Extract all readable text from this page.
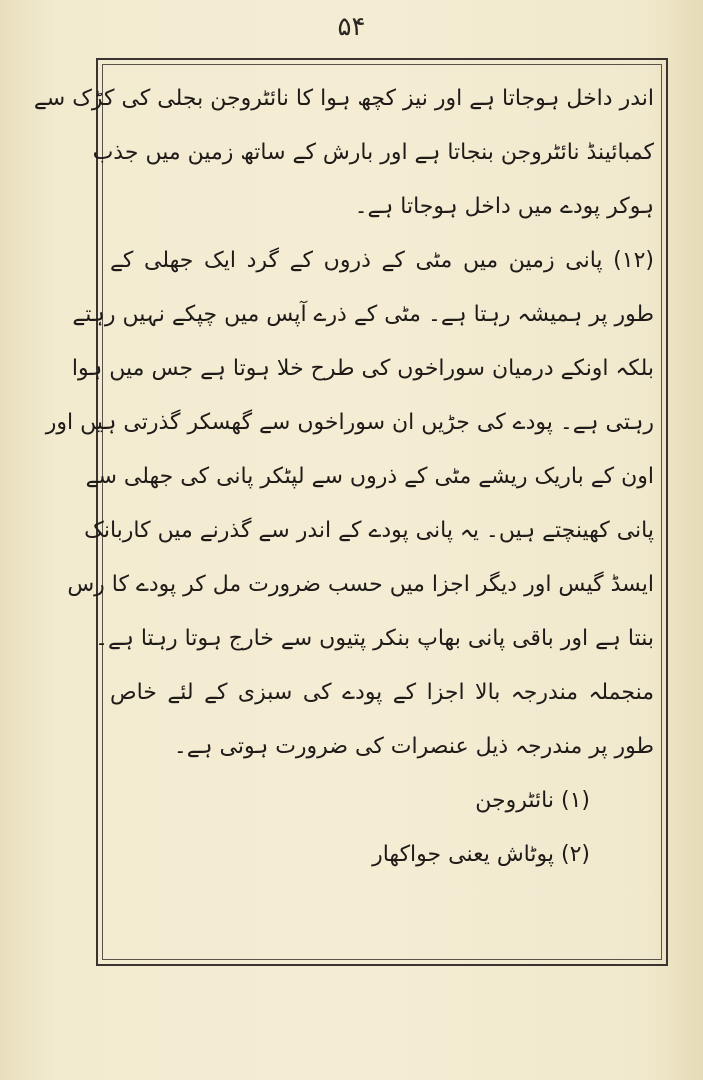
۵۴
اندر داخل ہوجاتا ہے اور نیز کچھ ہوا کا نائٹروجن بجلی کی کڑک سے
کمبائینڈ نائٹروجن بنجاتا ہے اور بارش کے ساتھ زمین میں جذب
ہوکر پودے میں داخل ہوجاتا ہے۔
(۱۲) پانی زمین میں مٹی کے ذروں کے گرد ایک جھلی کے
طور پر ہمیشہ رہتا ہے۔ مٹی کے ذرے آپس میں چپکے نہیں رہتے
بلکہ اونکے درمیان سوراخوں کی طرح خلا ہوتا ہے جس میں ہوا
رہتی ہے۔ پودے کی جڑیں ان سوراخوں سے گھسکر گذرتی ہیں اور
اون کے باریک ریشے مٹی کے ذروں سے لپٹکر پانی کی جھلی سے
پانی کھینچتے ہیں۔ یہ پانی پودے کے اندر سے گذرنے میں کاربانک
ایسڈ گیس اور دیگر اجزا میں حسب ضرورت مل کر پودے کا رس
بنتا ہے اور باقی پانی بھاپ بنکر پتیوں سے خارج ہوتا رہتا ہے۔
منجملہ مندرجہ بالا اجزا کے پودے کی سبزی کے لئے خاص
طور پر مندرجہ ذیل عنصرات کی ضرورت ہوتی ہے۔
(۱) نائٹروجن
(۲) پوٹاش یعنی جواکھار
